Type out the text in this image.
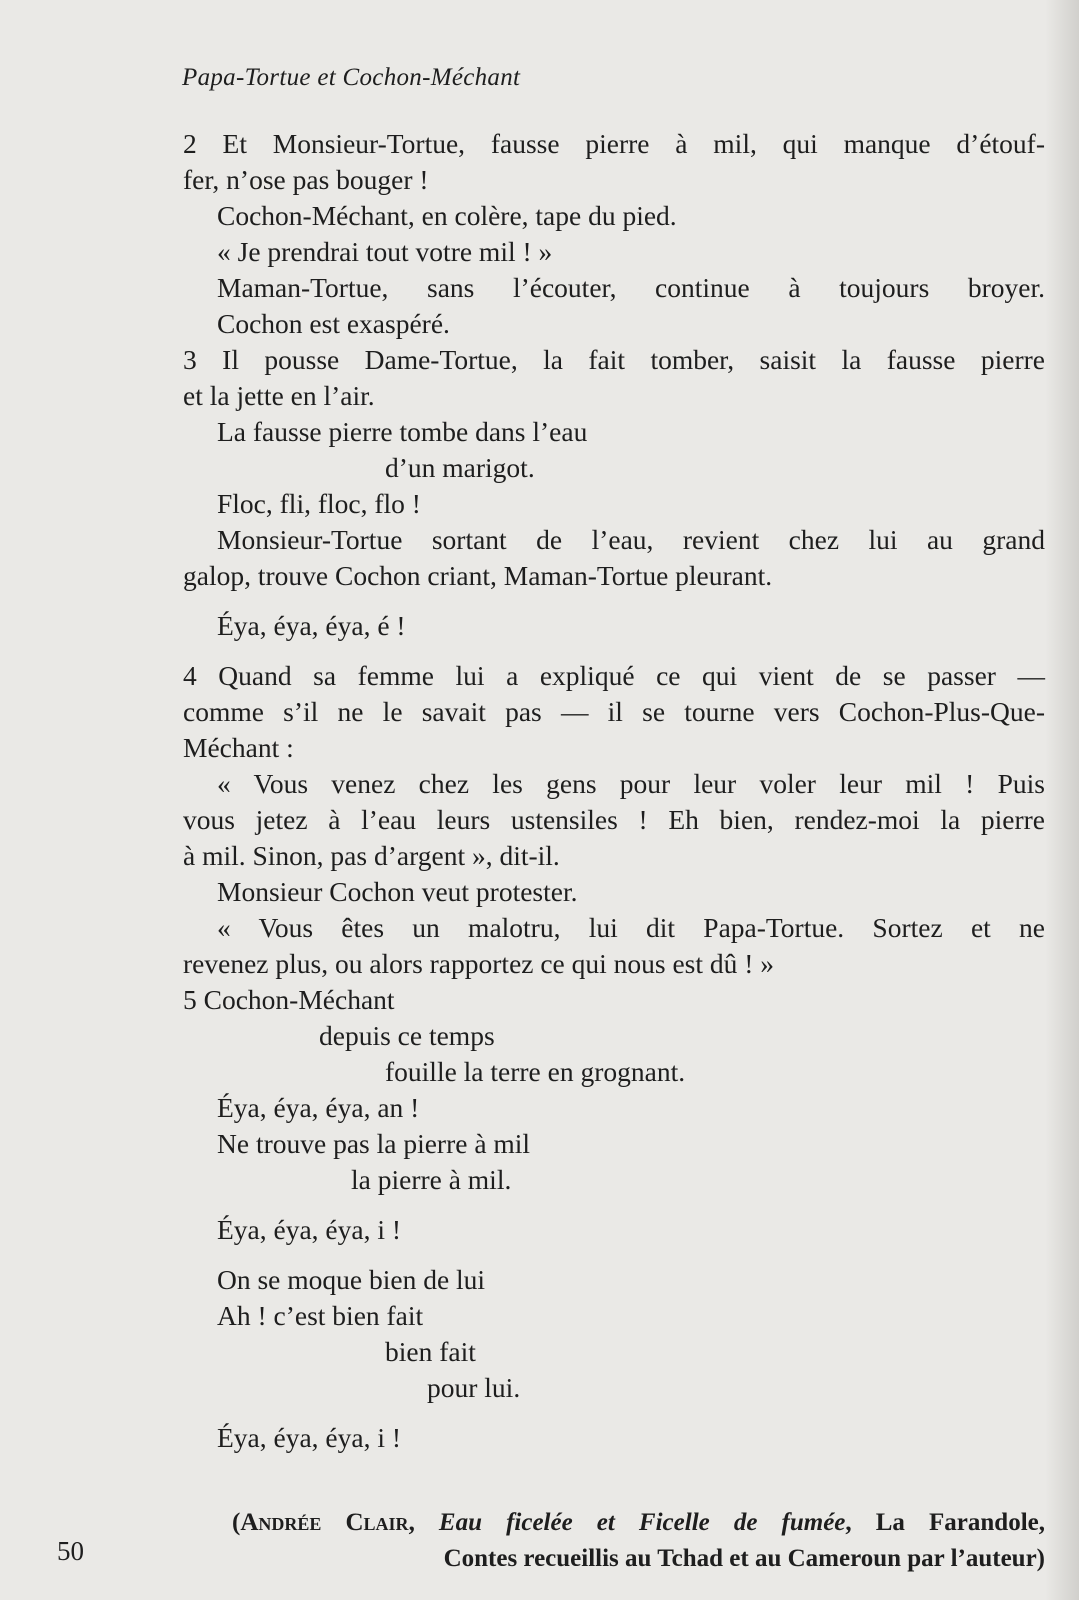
Papa-Tortue et Cochon-Méchant
2 Et Monsieur-Tortue, fausse pierre à mil, qui manque d’étouf-
fer, n’ose pas bouger !
Cochon-Méchant, en colère, tape du pied.
« Je prendrai tout votre mil ! »
Maman-Tortue, sans l’écouter, continue à toujours broyer.
Cochon est exaspéré.
3 Il pousse Dame-Tortue, la fait tomber, saisit la fausse pierre
et la jette en l’air.
La fausse pierre tombe dans l’eau
d’un marigot.
Floc, fli, floc, flo !
Monsieur-Tortue sortant de l’eau, revient chez lui au grand
galop, trouve Cochon criant, Maman-Tortue pleurant.
Éya, éya, éya, é !
4 Quand sa femme lui a expliqué ce qui vient de se passer —
comme s’il ne le savait pas — il se tourne vers Cochon-Plus-Que-
Méchant :
« Vous venez chez les gens pour leur voler leur mil ! Puis
vous jetez à l’eau leurs ustensiles ! Eh bien, rendez-moi la pierre
à mil. Sinon, pas d’argent », dit-il.
Monsieur Cochon veut protester.
« Vous êtes un malotru, lui dit Papa-Tortue. Sortez et ne
revenez plus, ou alors rapportez ce qui nous est dû ! »
5 Cochon-Méchant
depuis ce temps
fouille la terre en grognant.
Éya, éya, éya, an !
Ne trouve pas la pierre à mil
la pierre à mil.
Éya, éya, éya, i !
On se moque bien de lui
Ah ! c’est bien fait
bien fait
pour lui.
Éya, éya, éya, i !
(Andrée Clair, Eau ficelée et Ficelle de fumée, La Farandole,
Contes recueillis au Tchad et au Cameroun par l’auteur)
50
